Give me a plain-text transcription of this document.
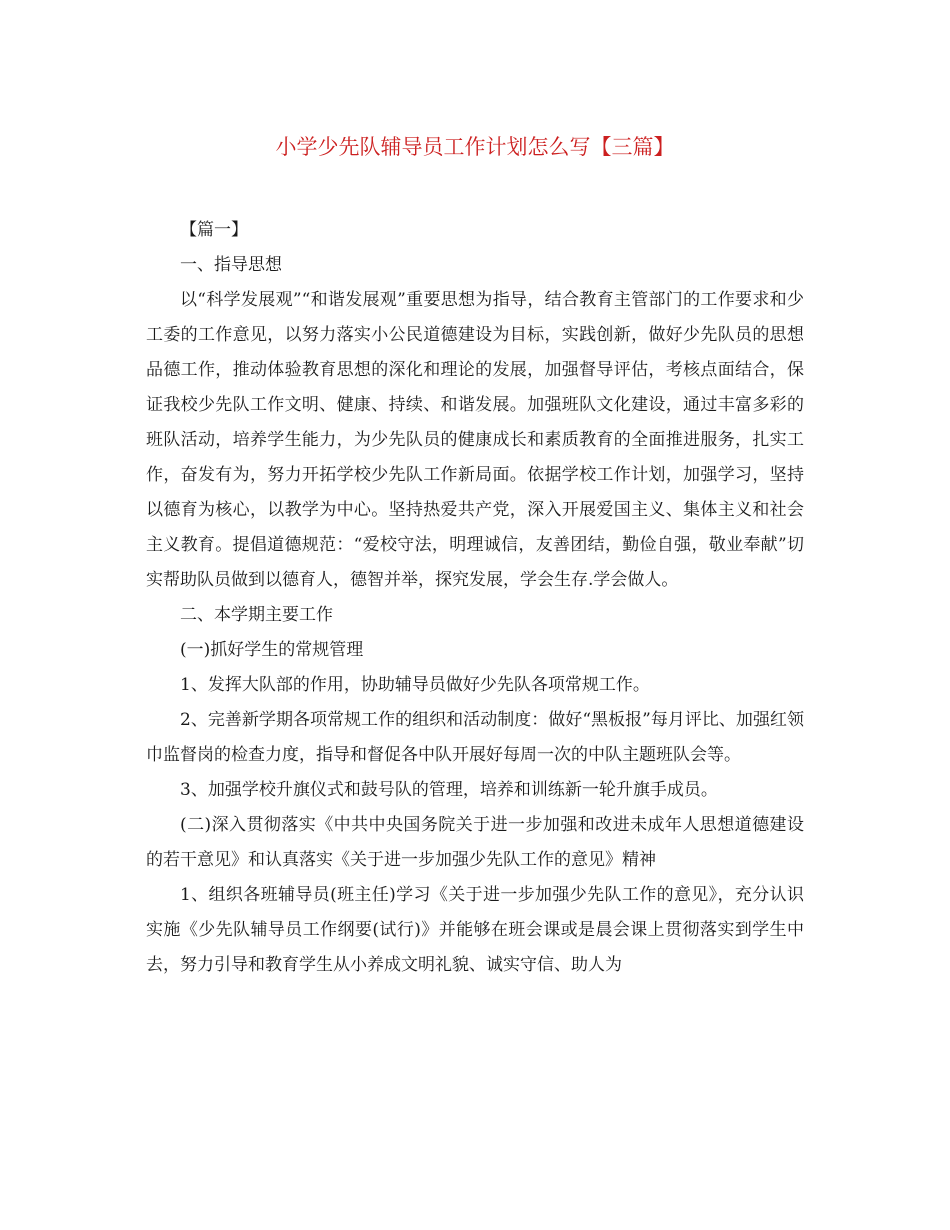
小学少先队辅导员工作计划怎么写【三篇】

【篇一】

一、指导思想

以“科学发展观”“和谐发展观”重要思想为指导，结合教育主管部门的工作要求和少工委的工作意见，以努力落实小公民道德建设为目标，实践创新，做好少先队员的思想品德工作，推动体验教育思想的深化和理论的发展，加强督导评估，考核点面结合，保证我校少先队工作文明、健康、持续、和谐发展。加强班队文化建设，通过丰富多彩的班队活动，培养学生能力，为少先队员的健康成长和素质教育的全面推进服务，扎实工作，奋发有为，努力开拓学校少先队工作新局面。依据学校工作计划，加强学习，坚持以德育为核心，以教学为中心。坚持热爱共产党，深入开展爱国主义、集体主义和社会主义教育。提倡道德规范：“爱校守法，明理诚信，友善团结，勤俭自强，敬业奉献”切实帮助队员做到以德育人，德智并举，探究发展，学会生存.学会做人。

二、本学期主要工作

(一)抓好学生的常规管理

1、发挥大队部的作用，协助辅导员做好少先队各项常规工作。

2、完善新学期各项常规工作的组织和活动制度：做好“黑板报”每月评比、加强红领巾监督岗的检查力度，指导和督促各中队开展好每周一次的中队主题班队会等。

3、加强学校升旗仪式和鼓号队的管理，培养和训练新一轮升旗手成员。

(二)深入贯彻落实《中共中央国务院关于进一步加强和改进未成年人思想道德建设的若干意见》和认真落实《关于进一步加强少先队工作的意见》精神

1、组织各班辅导员(班主任)学习《关于进一步加强少先队工作的意见》，充分认识实施《少先队辅导员工作纲要(试行)》并能够在班会课或是晨会课上贯彻落实到学生中去，努力引导和教育学生从小养成文明礼貌、诚实守信、助人为
